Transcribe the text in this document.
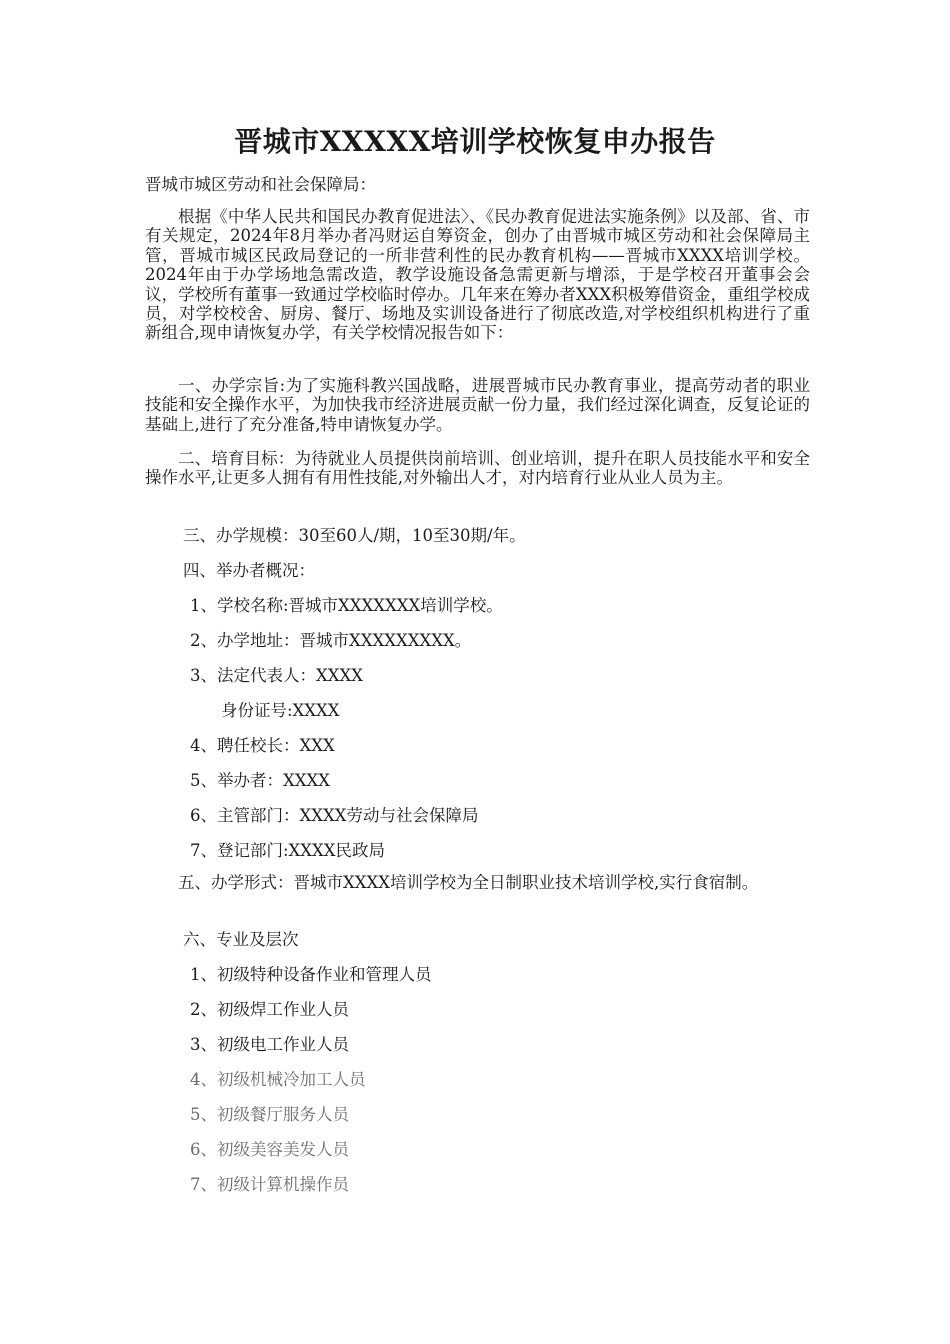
晋城市XXXXX培训学校恢复申办报告
晋城市城区劳动和社会保障局：
根据《中华人民共和国民办教育促进法〉、《民办教育促进法实施条例》以及部、省、市有关规定，2024年8月举办者冯财运自筹资金，创办了由晋城市城区劳动和社会保障局主管，晋城市城区民政局登记的一所非营利性的民办教育机构——晋城市XXXX培训学校。2024年由于办学场地急需改造，教学设施设备急需更新与增添，于是学校召开董事会会议，学校所有董事一致通过学校临时停办。几年来在筹办者XXX积极筹借资金，重组学校成员，对学校校舍、厨房、餐厅、场地及实训设备进行了彻底改造,对学校组织机构进行了重新组合,现申请恢复办学，有关学校情况报告如下：
一、办学宗旨:为了实施科教兴国战略，进展晋城市民办教育事业，提高劳动者的职业技能和安全操作水平，为加快我市经济进展贡献一份力量，我们经过深化调查，反复论证的基础上,进行了充分准备,特申请恢复办学。
二、培育目标：为待就业人员提供岗前培训、创业培训，提升在职人员技能水平和安全操作水平,让更多人拥有有用性技能,对外输出人才，对内培育行业从业人员为主。
三、办学规模：30至60人/期，10至30期/年。
四、举办者概况：
1、学校名称:晋城市XXXXXXX培训学校。
2、办学地址：晋城市XXXXXXXXX。
3、法定代表人：XXXX
身份证号:XXXX
4、聘任校长：XXX
5、举办者：XXXX
6、主管部门：XXXX劳动与社会保障局
7、登记部门:XXXX民政局
五、办学形式：晋城市XXXX培训学校为全日制职业技术培训学校,实行食宿制。
六、专业及层次
1、初级特种设备作业和管理人员
2、初级焊工作业人员
3、初级电工作业人员
4、初级机械冷加工人员
5、初级餐厅服务人员
6、初级美容美发人员
7、初级计算机操作员
